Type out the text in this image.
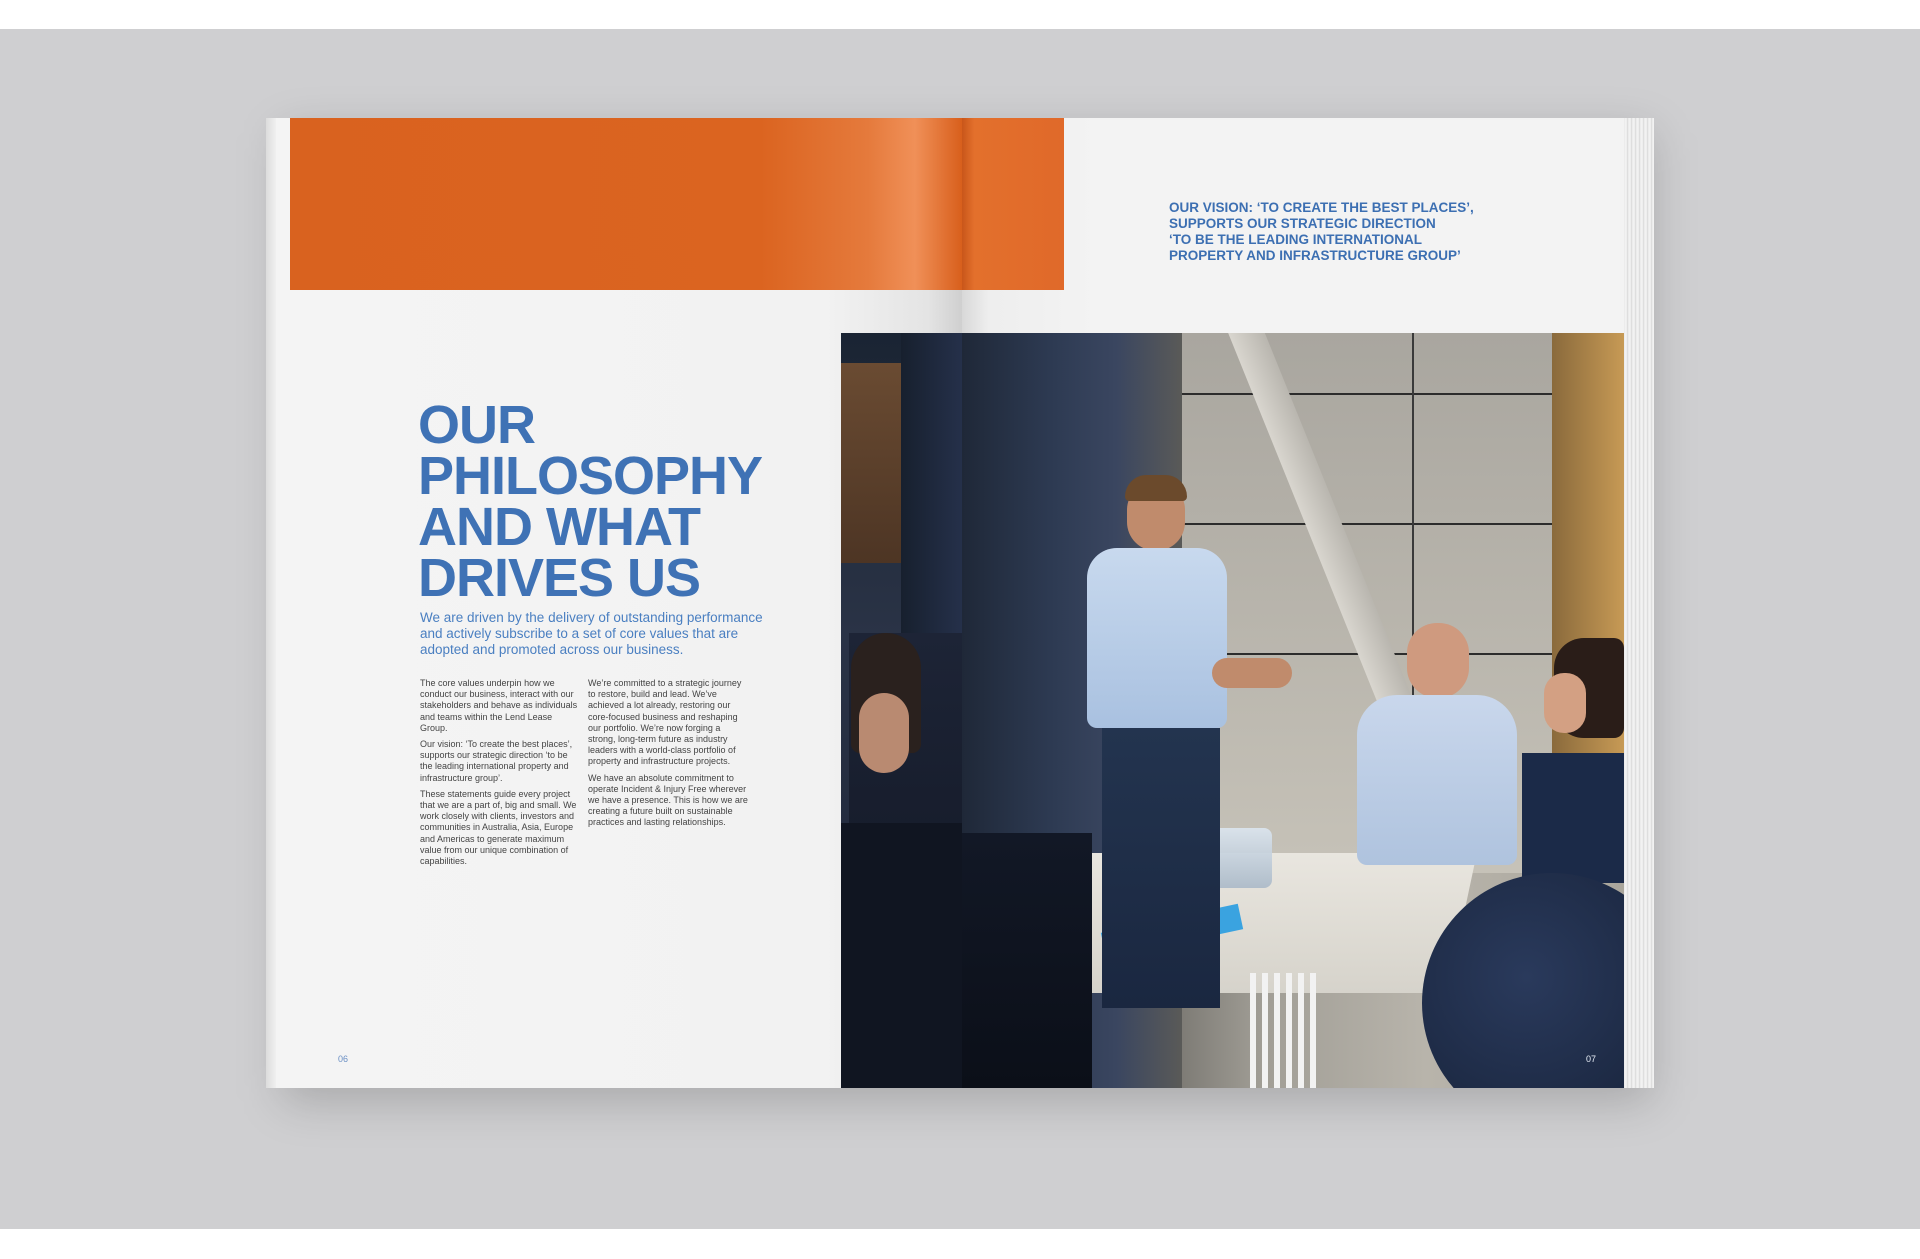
OUR
PHILOSOPHY
AND WHAT
DRIVES US

We are driven by the delivery of outstanding performance and actively subscribe to a set of core values that are adopted and promoted across our business.

The core values underpin how we conduct our business, interact with our stakeholders and behave as individuals and teams within the Lend Lease Group.

Our vision: ‘To create the best places’, supports our strategic direction ‘to be the leading international property and infrastructure group’.

These statements guide every project that we are a part of, big and small. We work closely with clients, investors and communities in Australia, Asia, Europe and Americas to generate maximum value from our unique combination of capabilities.

We’re committed to a strategic journey to restore, build and lead. We’ve achieved a lot already, restoring our core-focused business and reshaping our portfolio. We’re now forging a strong, long-term future as industry leaders with a world-class portfolio of property and infrastructure projects.

We have an absolute commitment to operate Incident & Injury Free wherever we have a presence. This is how we are creating a future built on sustainable practices and lasting relationships.

06
OUR VISION: ‘TO CREATE THE BEST PLACES’,
SUPPORTS OUR STRATEGIC DIRECTION
‘TO BE THE LEADING INTERNATIONAL
PROPERTY AND INFRASTRUCTURE GROUP’
07
